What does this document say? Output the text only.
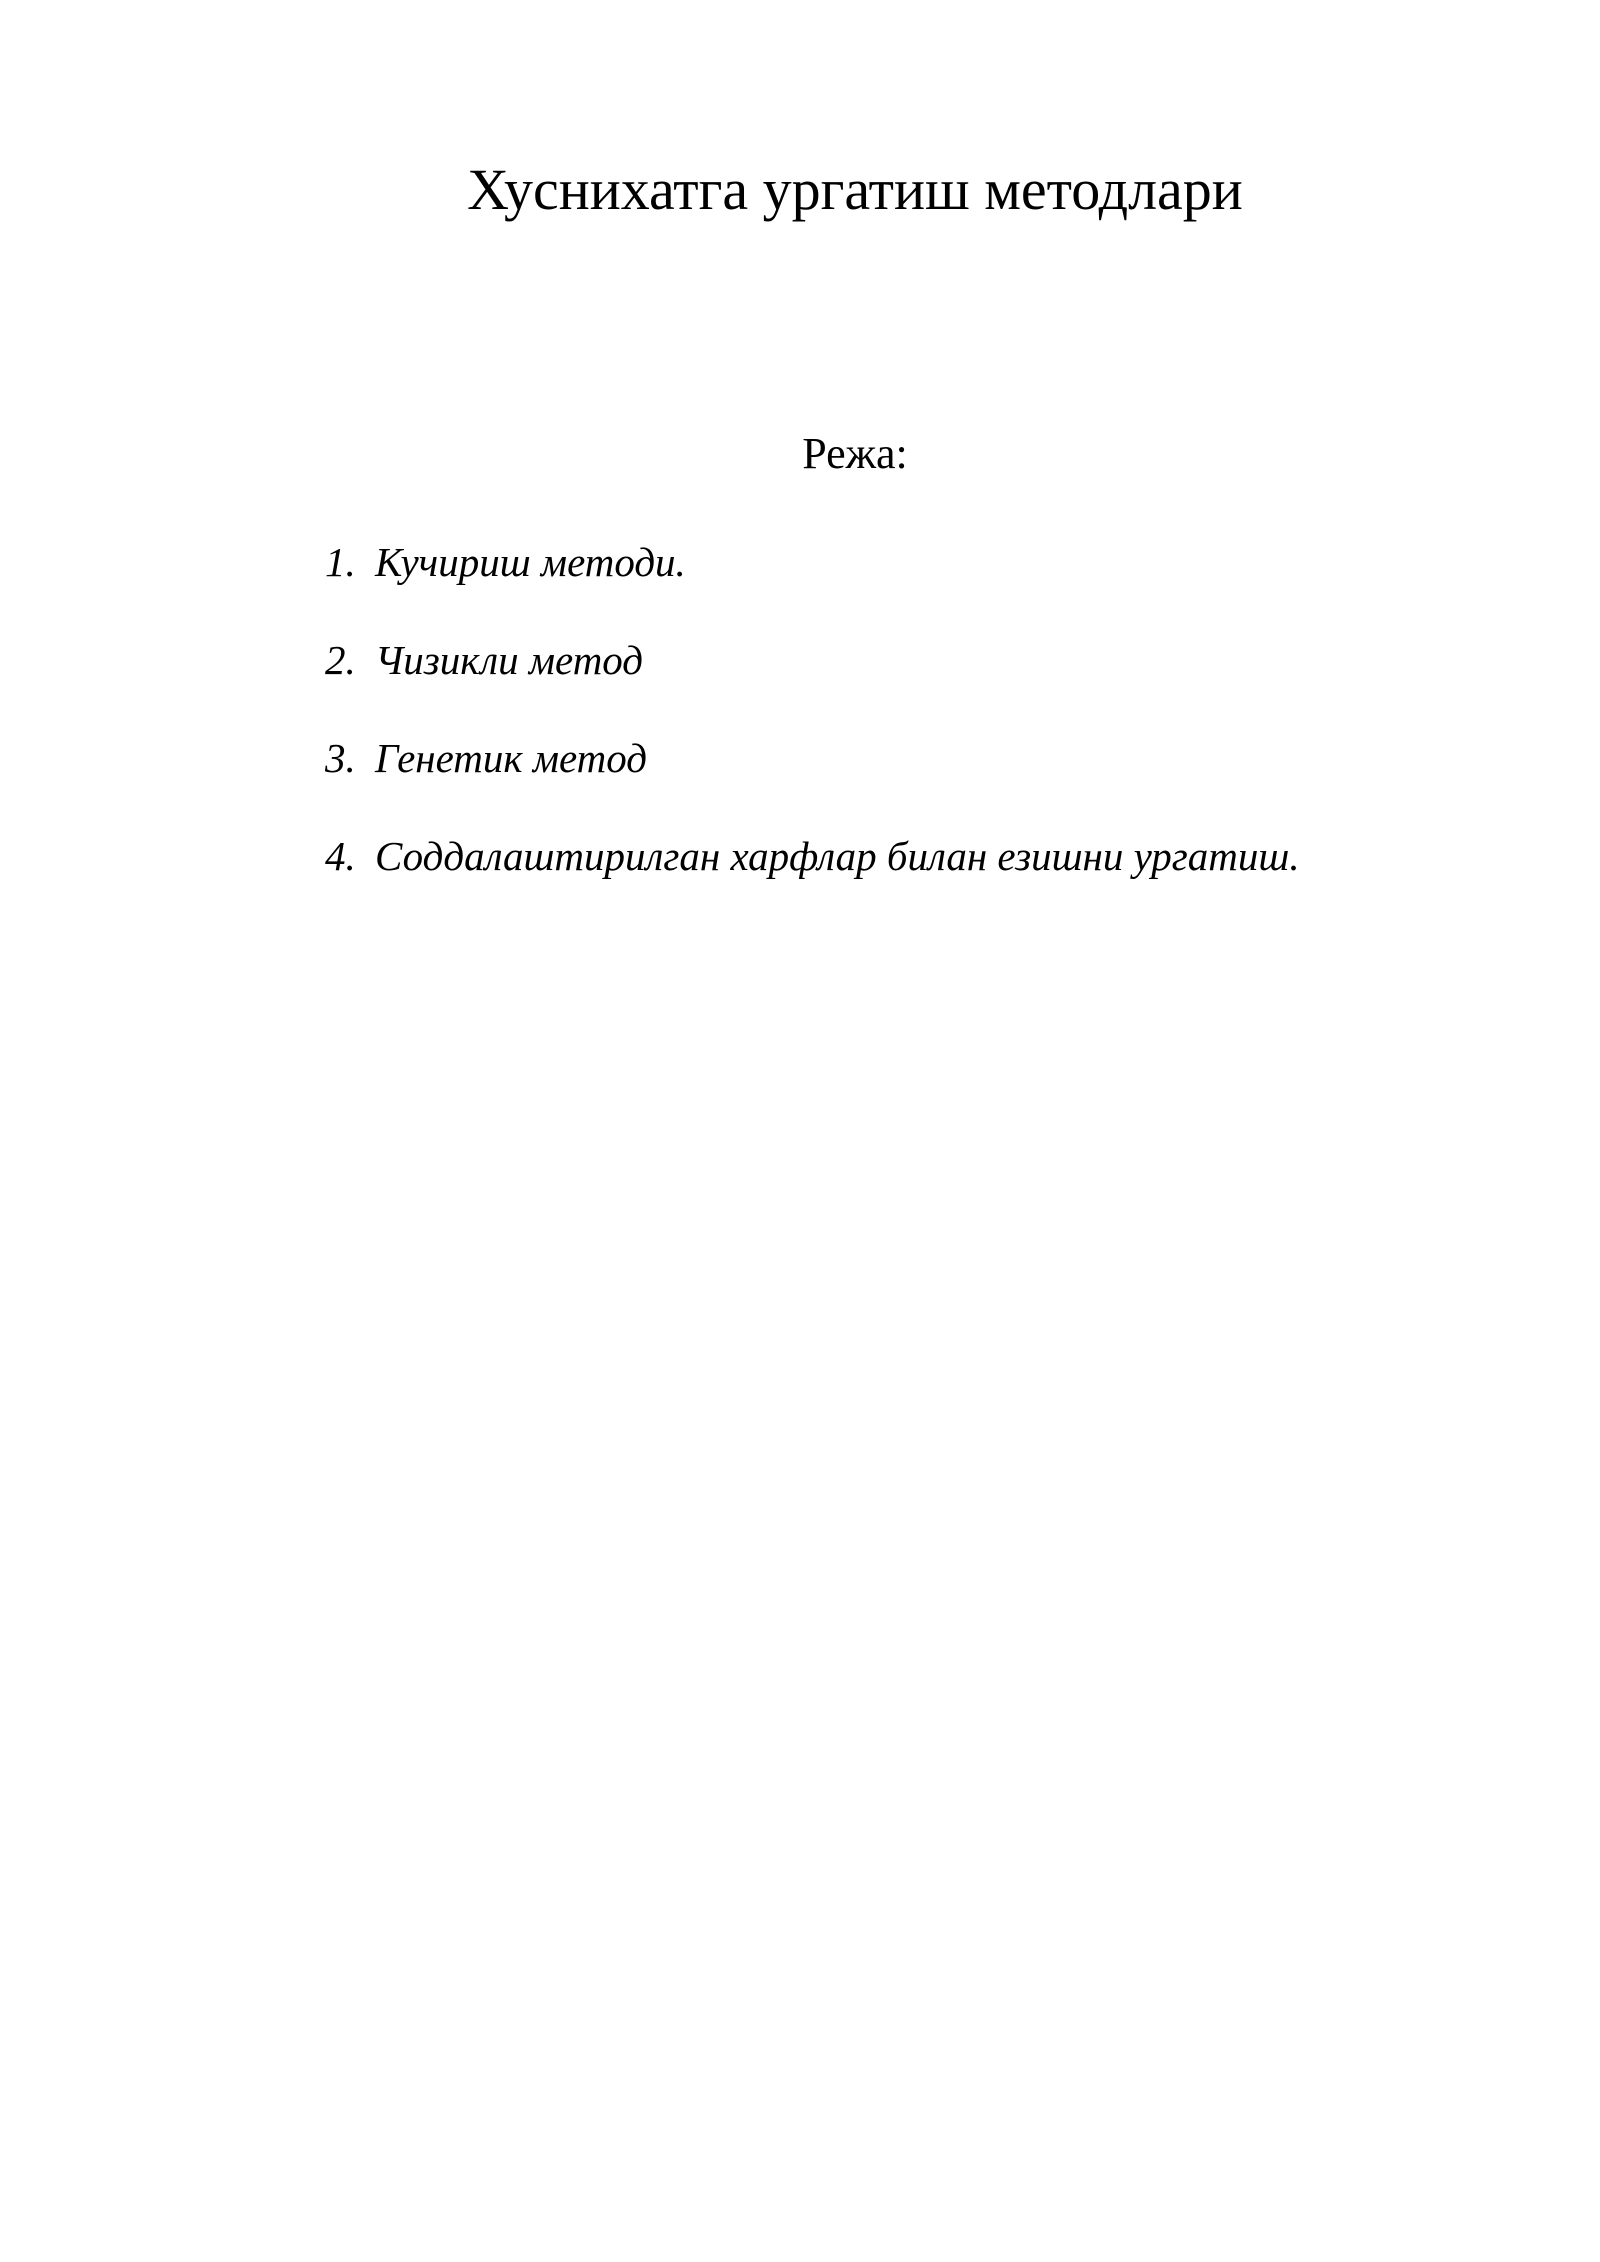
Хуснихатга ургатиш методлари
Режа:
1. Кучириш методи.
2. Чизикли метод
3. Генетик метод
4. Соддалаштирилган харфлар билан езишни ургатиш.
